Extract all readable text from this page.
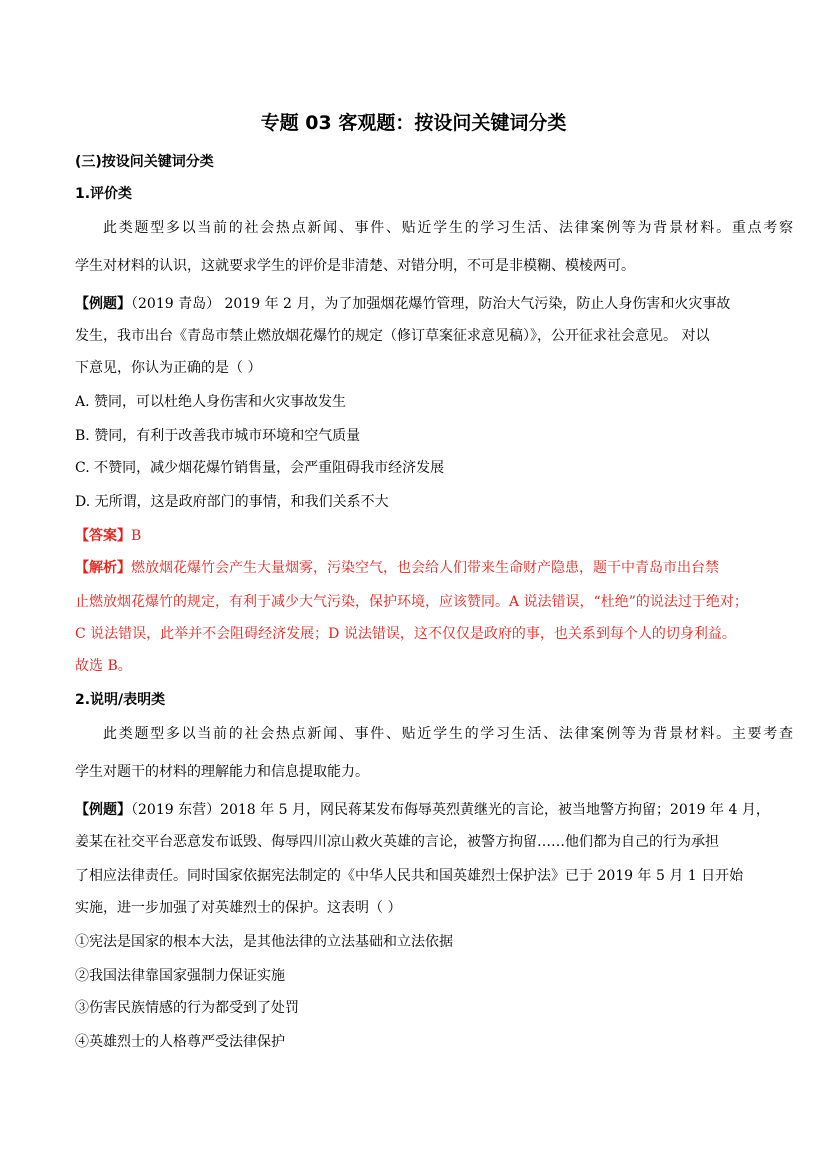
专题 03 客观题：按设问关键词分类
(三)按设问关键词分类
1.评价类
此类题型多以当前的社会热点新闻、事件、贴近学生的学习生活、法律案例等为背景材料。重点考察
学生对材料的认识，这就要求学生的评价是非清楚、对错分明，不可是非模糊、模棱两可。
【例题】（2019 青岛） 2019 年 2 月，为了加强烟花爆竹管理，防治大气污染，防止人身伤害和火灾事故
发生，我市出台《青岛市禁止燃放烟花爆竹的规定（修订草案征求意见稿）》，公开征求社会意见。 对以
下意见，你认为正确的是（ ）
A. 赞同，可以杜绝人身伤害和火灾事故发生
B. 赞同，有利于改善我市城市环境和空气质量
C. 不赞同，减少烟花爆竹销售量，会严重阻碍我市经济发展
D. 无所谓，这是政府部门的事情，和我们关系不大
【答案】B
【解析】燃放烟花爆竹会产生大量烟雾，污染空气，也会给人们带来生命财产隐患，题干中青岛市出台禁
止燃放烟花爆竹的规定，有利于减少大气污染，保护环境，应该赞同。A 说法错误，“杜绝”的说法过于绝对；
C 说法错误，此举并不会阻碍经济发展；D 说法错误，这不仅仅是政府的事，也关系到每个人的切身利益。
故选 B。
2.说明/表明类
此类题型多以当前的社会热点新闻、事件、贴近学生的学习生活、法律案例等为背景材料。主要考查
学生对题干的材料的理解能力和信息提取能力。
【例题】（2019 东营）2018 年 5 月，网民蒋某发布侮辱英烈黄继光的言论，被当地警方拘留；2019 年 4 月，
姜某在社交平台恶意发布诋毁、侮辱四川凉山救火英雄的言论，被警方拘留……他们都为自己的行为承担
了相应法律责任。同时国家依据宪法制定的《中华人民共和国英雄烈士保护法》已于 2019 年 5 月 1 日开始
实施，进一步加强了对英雄烈士的保护。这表明（ ）
①宪法是国家的根本大法，是其他法律的立法基础和立法依据
②我国法律靠国家强制力保证实施
③伤害民族情感的行为都受到了处罚
④英雄烈士的人格尊严受法律保护
